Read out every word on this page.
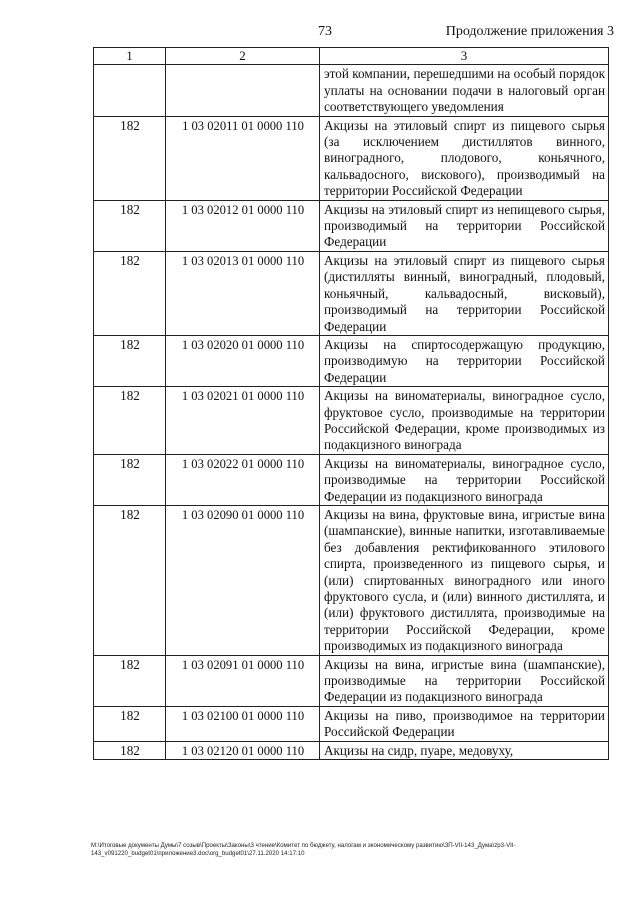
73	Продолжение приложения 3
1	2	3
		этой компании, перешедшими на особый порядок уплаты на основании подачи в налоговый орган соответствующего уведомления
182	1 03 02011 01 0000 110	Акцизы на этиловый спирт из пищевого сырья (за исключением дистиллятов винного, виноградного, плодового, коньячного, кальвадосного, вискового), производимый на территории Российской Федерации
182	1 03 02012 01 0000 110	Акцизы на этиловый спирт из непищевого сырья, производимый на территории Российской Федерации
182	1 03 02013 01 0000 110	Акцизы на этиловый спирт из пищевого сырья (дистилляты винный, виноградный, плодовый, коньячный, кальвадосный, висковый), производимый на территории Российской Федерации
182	1 03 02020 01 0000 110	Акцизы на спиртосодержащую продукцию, производимую на территории Российской Федерации
182	1 03 02021 01 0000 110	Акцизы на виноматериалы, виноградное сусло, фруктовое сусло, производимые на территории Российской Федерации, кроме производимых из подакцизного винограда
182	1 03 02022 01 0000 110	Акцизы на виноматериалы, виноградное сусло, производимые на территории Российской Федерации из подакцизного винограда
182	1 03 02090 01 0000 110	Акцизы на вина, фруктовые вина, игристые вина (шампанские), винные напитки, изготавливаемые без добавления ректификованного этилового спирта, произведенного из пищевого сырья, и (или) спиртованных виноградного или иного фруктового сусла, и (или) винного дистиллята, и (или) фруктового дистиллята, производимые на территории Российской Федерации, кроме производимых из подакцизного винограда
182	1 03 02091 01 0000 110	Акцизы на вина, игристые вина (шампанские), производимые на территории Российской Федерации из подакцизного винограда
182	1 03 02100 01 0000 110	Акцизы на пиво, производимое на территории Российской Федерации
182	1 03 02120 01 0000 110	Акцизы на сидр, пуаре, медовуху,
M:\Итоговые документы Думы\7 созыв\Проекты\Законы\3 чтение\Комитет по бюджету, налогам и экономическому развитию\ЗП-VII-143_Дума\zp3-VII-
143_v091220_budget01\приложение3.doc\org_budget01\27.11.2020 14:17:10
